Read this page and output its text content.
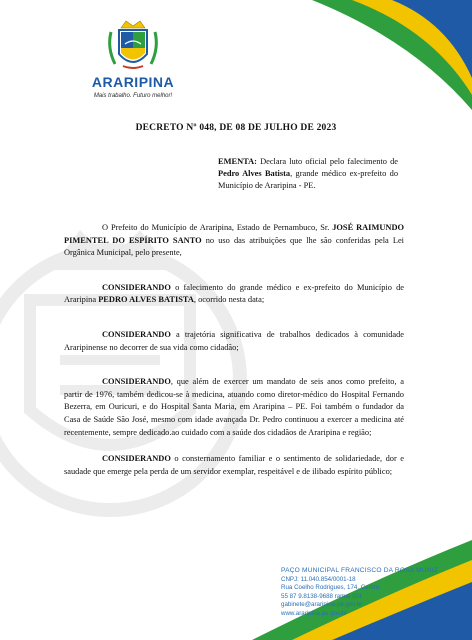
ARARIPINA
Mais trabalho. Futuro melhor!
DECRETO Nº 048, DE 08 DE JULHO DE 2023
EMENTA: Declara luto oficial pelo falecimento de Pedro Alves Batista, grande médico ex-prefeito do Município de Araripina - PE.

O Prefeito do Município de Araripina, Estado de Pernambuco, Sr. JOSÉ RAIMUNDO PIMENTEL DO ESPÍRITO SANTO no uso das atribuições que lhe são conferidas pela Lei Orgânica Municipal, pelo presente,

CONSIDERANDO o falecimento do grande médico e ex-prefeito do Município de Araripina PEDRO ALVES BATISTA, ocorrido nesta data;

CONSIDERANDO a trajetória significativa de trabalhos dedicados à comunidade Araripinense no decorrer de sua vida como cidadão;

CONSIDERANDO, que além de exercer um mandato de seis anos como prefeito, a partir de 1976, também dedicou-se à medicina, atuando como diretor-médico do Hospital Fernando Bezerra, em Ouricuri, e do Hospital Santa Maria, em Araripina – PE. Foi também o fundador da Casa de Saúde São José, mesmo com idade avançada Dr. Pedro continuou a exercer a medicina até recentemente, sempre dedicado.ao cuidado com a saúde dos cidadãos de Araripina e região;

CONSIDERANDO o consternamento familiar e o sentimento de solidariedade, dor e saudade que emerge pela perda de um servidor exemplar, respeitável e de ilibado espírito público;

PAÇO MUNICIPAL FRANCISCO DA ROSA MUNIZ
CNPJ: 11.040.854/0001-18
Rua Coelho Rodrigues, 174, Centro
55 87 9.8138-9688 ramal 101
gabinete@araripina.pe.gov.br
www.araripina.pe.gov.br
